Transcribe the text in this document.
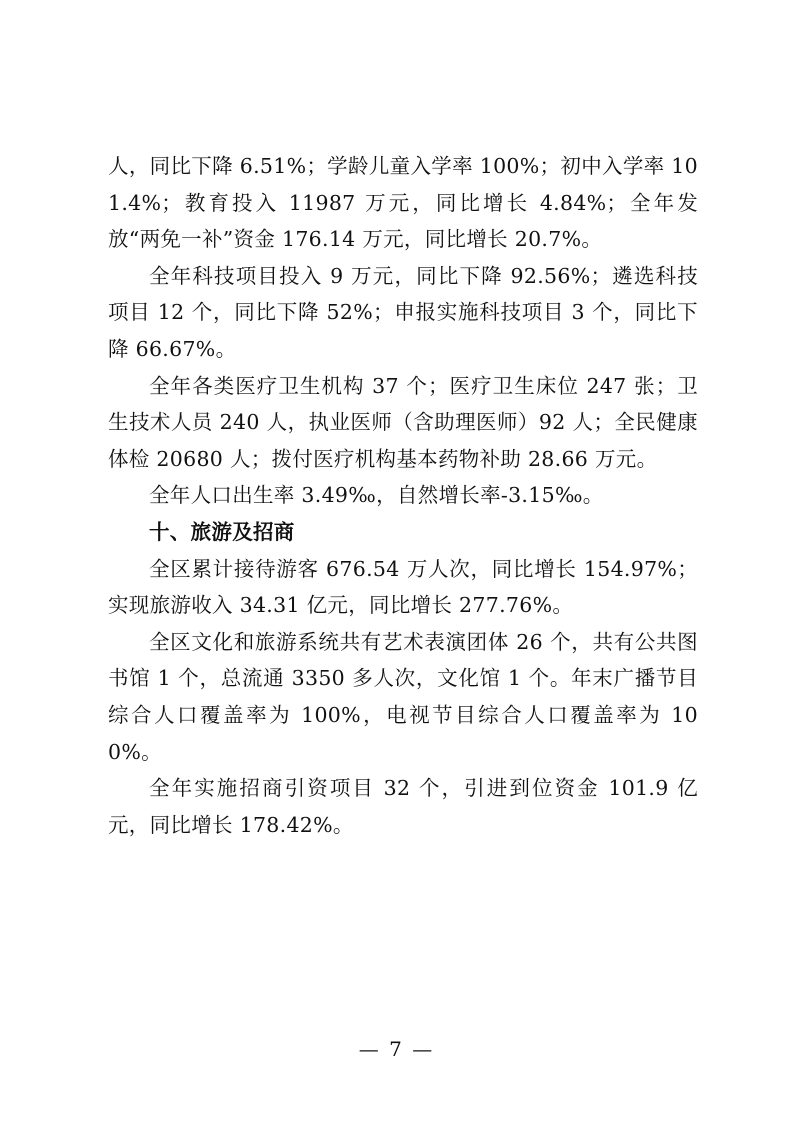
人，同比下降 6.51%；学龄儿童入学率 100%；初中入学率 101.4%；教育投入 11987 万元，同比增长 4.84%；全年发放“两免一补”资金 176.14 万元，同比增长 20.7%。

全年科技项目投入 9 万元，同比下降 92.56%；遴选科技项目 12 个，同比下降 52%；申报实施科技项目 3 个，同比下降 66.67%。

全年各类医疗卫生机构 37 个；医疗卫生床位 247 张；卫生技术人员 240 人，执业医师（含助理医师）92 人；全民健康体检 20680 人；拨付医疗机构基本药物补助 28.66 万元。

全年人口出生率 3.49‰，自然增长率-3.15‰。

十、旅游及招商

全区累计接待游客 676.54 万人次，同比增长 154.97%；实现旅游收入 34.31 亿元，同比增长 277.76%。

全区文化和旅游系统共有艺术表演团体 26 个，共有公共图书馆 1 个，总流通 3350 多人次，文化馆 1 个。年末广播节目综合人口覆盖率为 100%，电视节目综合人口覆盖率为 100%。

全年实施招商引资项目 32 个，引进到位资金 101.9 亿元，同比增长 178.42%。

— 7 —
